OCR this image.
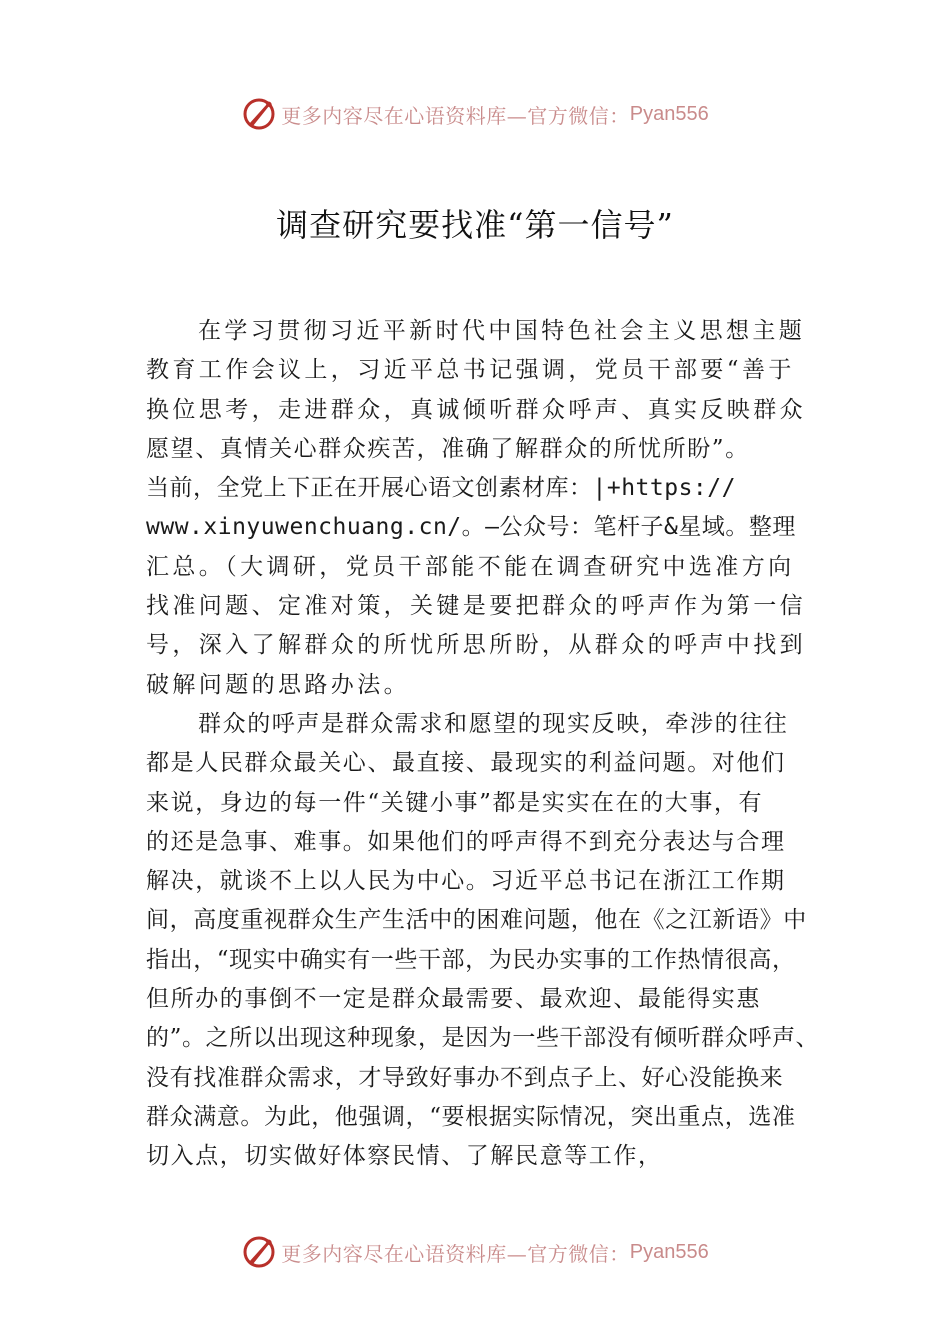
更多内容尽在心语资料库—官方微信： Pyan556
调查研究要找准“第一信号”
在学习贯彻习近平新时代中国特色社会主义思想主题
教育工作会议上，习近平总书记强调，党员干部要“善于
换位思考，走进群众，真诚倾听群众呼声、真实反映群众
愿望、真情关心群众疾苦，准确了解群众的所忧所盼”。
当前，全党上下正在开展心语文创素材库：|+https://
www.xinyuwenchuang.cn/。—公众号：笔杆子&星域。整理
汇总。（大调研，党员干部能不能在调查研究中选准方向
找准问题、定准对策，关键是要把群众的呼声作为第一信
号，深入了解群众的所忧所思所盼，从群众的呼声中找到
破解问题的思路办法。
群众的呼声是群众需求和愿望的现实反映，牵涉的往往
都是人民群众最关心、最直接、最现实的利益问题。对他们
来说，身边的每一件“关键小事”都是实实在在的大事，有
的还是急事、难事。如果他们的呼声得不到充分表达与合理
解决，就谈不上以人民为中心。习近平总书记在浙江工作期
间，高度重视群众生产生活中的困难问题，他在《之江新语》中
指出，“现实中确实有一些干部，为民办实事的工作热情很高，
但所办的事倒不一定是群众最需要、最欢迎、最能得实惠
的”。之所以出现这种现象，是因为一些干部没有倾听群众呼声、
没有找准群众需求，才导致好事办不到点子上、好心没能换来
群众满意。为此，他强调，“要根据实际情况，突出重点，选准
切入点，切实做好体察民情、了解民意等工作，
更多内容尽在心语资料库—官方微信： Pyan556
